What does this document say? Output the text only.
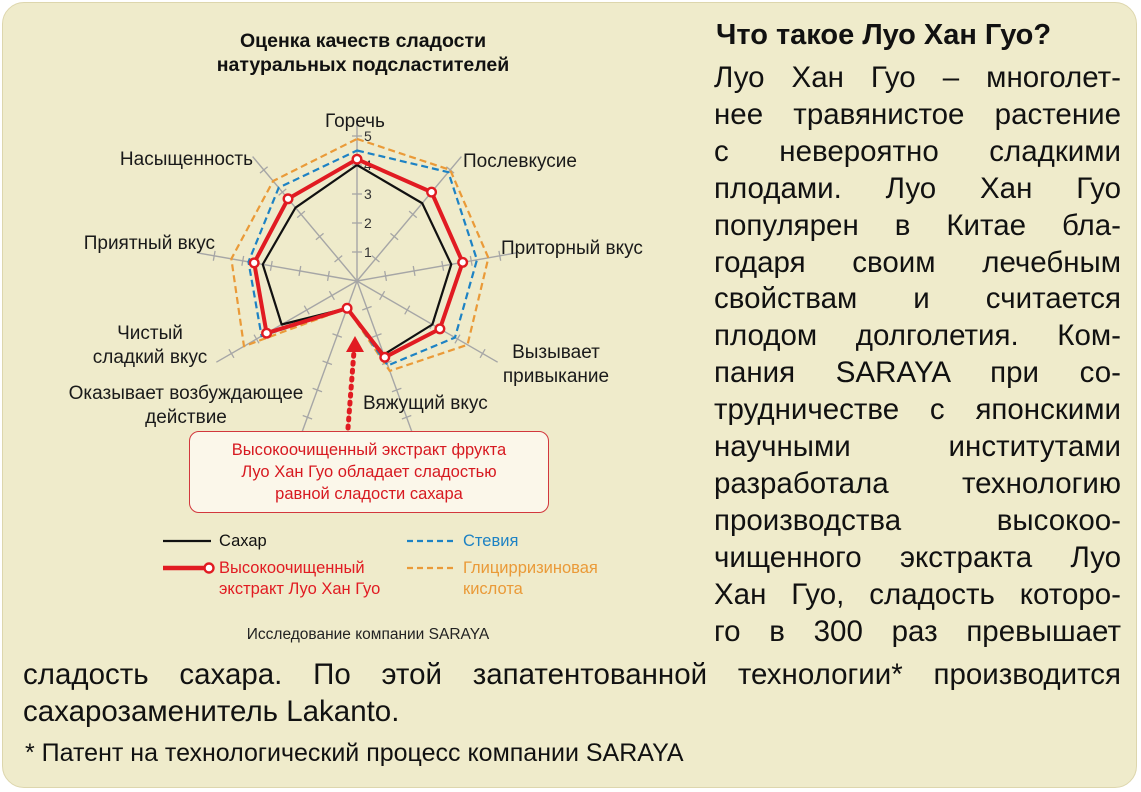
Оценка качеств сладости
натуральных подсластителей
1
2
3
4
5
Горечь
Послевкусие
Приторный вкус
Вызывает
привыкание
Вяжущий вкус
Оказывает возбуждающее
действие
Чистый
сладкий вкус
Приятный вкус
Насыщенность
Высокоочищенный экстракт фрукта
Луо Хан Гуо обладает сладостью
равной сладости сахара
Сахар	Стевия
Высокоочищенный
экстракт Луо Хан Гуо
Глицирризиновая
кислота
Исследование компании SARAYA
Что такое Луо Хан Гуо?
Луо Хан Гуо – многолет-
нее травянистое растение
с невероятно сладкими
плодами. Луо Хан Гуо
популярен в Китае бла-
годаря своим лечебным
свойствам и считается
плодом долголетия. Ком-
пания SARAYA при со-
трудничестве с японскими
научными институтами
разработала технологию
производства высокоо-
чищенного экстракта Луо
Хан Гуо, сладость которо-
го в 300 раз превышает
сладость сахара. По этой запатентованной технологии* производится
сахарозаменитель Lakanto.
* Патент на технологический процесс компании SARAYA
